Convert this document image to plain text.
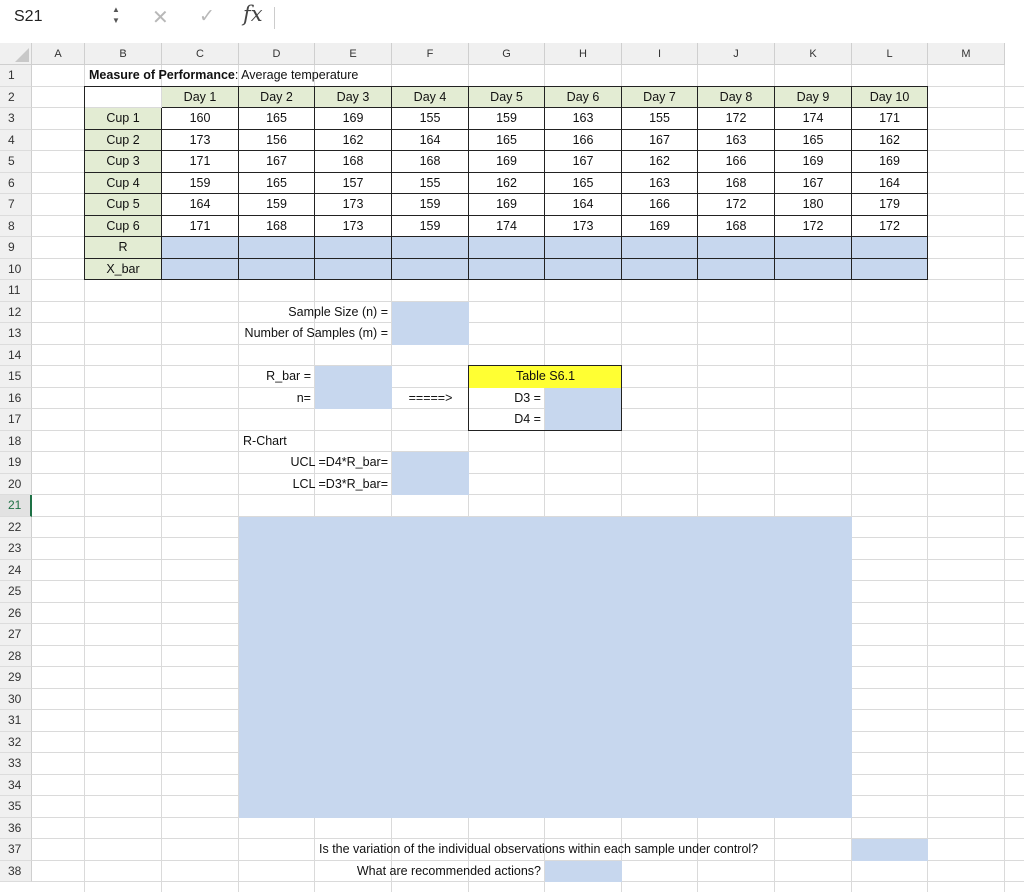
S21	▲
▼ ✕ ✓ fx
A	B	C	D	E	F	G	H	I	J	K	L	M
1
2
3
4
5
6
7
8
9
10
11
12
13
14
15
16
17
18
19
20
21
22
23
24
25
26
27
28
29
30
31
32
33
34
35
36
37
38
Measure of Performance: Average temperature
Day 1	Day 2	Day 3	Day 4	Day 5	Day 6	Day 7	Day 8	Day 9	Day 10
Cup 1	160	165	169	155	159	163	155	172	174	171
Cup 2	173	156	162	164	165	166	167	163	165	162
Cup 3	171	167	168	168	169	167	162	166	169	169
Cup 4	159	165	157	155	162	165	163	168	167	164
Cup 5	164	159	173	159	169	164	166	172	180	179
Cup 6	171	168	173	159	174	173	169	168	172	172
R
X_bar
Sample Size (n) =
Number of Samples (m) =
R_bar =
n=	=====>
Table S6.1
D3 =
D4 =
R-Chart
UCL =D4*R_bar=
LCL =D3*R_bar=
Is the variation of the individual observations within each sample under control?
What are recommended actions?
